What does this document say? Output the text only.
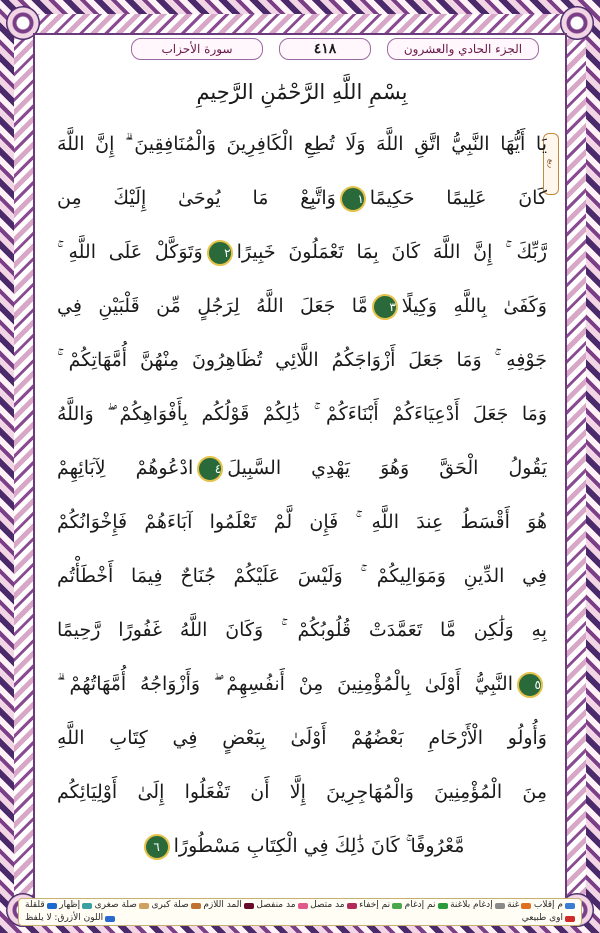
سورة الأحزاب	٤١٨	الجزء الحادي والعشرون
ربع
بِسْمِ اللَّهِ الرَّحْمَٰنِ الرَّحِيمِ
يَا أَيُّهَا النَّبِيُّ اتَّقِ اللَّهَ وَلَا تُطِعِ الْكَافِرِينَ وَالْمُنَافِقِينَ ۗ إِنَّ اللَّهَ
كَانَ عَلِيمًا حَكِيمًا١وَاتَّبِعْ مَا يُوحَىٰ إِلَيْكَ مِن
رَّبِّكَ ۚ إِنَّ اللَّهَ كَانَ بِمَا تَعْمَلُونَ خَبِيرًا٢وَتَوَكَّلْ عَلَى اللَّهِ ۚ
وَكَفَىٰ بِاللَّهِ وَكِيلًا٣مَّا جَعَلَ اللَّهُ لِرَجُلٍ مِّن قَلْبَيْنِ فِي
جَوْفِهِ ۚ وَمَا جَعَلَ أَزْوَاجَكُمُ اللَّائِي تُظَاهِرُونَ مِنْهُنَّ أُمَّهَاتِكُمْ ۚ
وَمَا جَعَلَ أَدْعِيَاءَكُمْ أَبْنَاءَكُمْ ۚ ذَٰلِكُمْ قَوْلُكُم بِأَفْوَاهِكُمْ ۖ وَاللَّهُ
يَقُولُ الْحَقَّ وَهُوَ يَهْدِي السَّبِيلَ٤ادْعُوهُمْ لِآبَائِهِمْ
هُوَ أَقْسَطُ عِندَ اللَّهِ ۚ فَإِن لَّمْ تَعْلَمُوا آبَاءَهُمْ فَإِخْوَانُكُمْ
فِي الدِّينِ وَمَوَالِيكُمْ ۚ وَلَيْسَ عَلَيْكُمْ جُنَاحٌ فِيمَا أَخْطَأْتُم
بِهِ وَلَٰكِن مَّا تَعَمَّدَتْ قُلُوبُكُمْ ۚ وَكَانَ اللَّهُ غَفُورًا رَّحِيمًا
٥النَّبِيُّ أَوْلَىٰ بِالْمُؤْمِنِينَ مِنْ أَنفُسِهِمْ ۖ وَأَزْوَاجُهُ أُمَّهَاتُهُمْ ۗ
وَأُولُو الْأَرْحَامِ بَعْضُهُمْ أَوْلَىٰ بِبَعْضٍ فِي كِتَابِ اللَّهِ
مِنَ الْمُؤْمِنِينَ وَالْمُهَاجِرِينَ إِلَّا أَن تَفْعَلُوا إِلَىٰ أَوْلِيَائِكُم
مَّعْرُوفًا ۚ كَانَ ذَٰلِكَ فِي الْكِتَابِ مَسْطُورًا٦
م إقلاب
غنة
إدغام بلاغنة
نم إدغام
نم إخفاء
مد متصل
مد منفصل
المد اللازم
صلة كبرى
صلة صغرى
إظهار
قلقلة
اوى طبيعي
اللون الأزرق: لا يلفظ
